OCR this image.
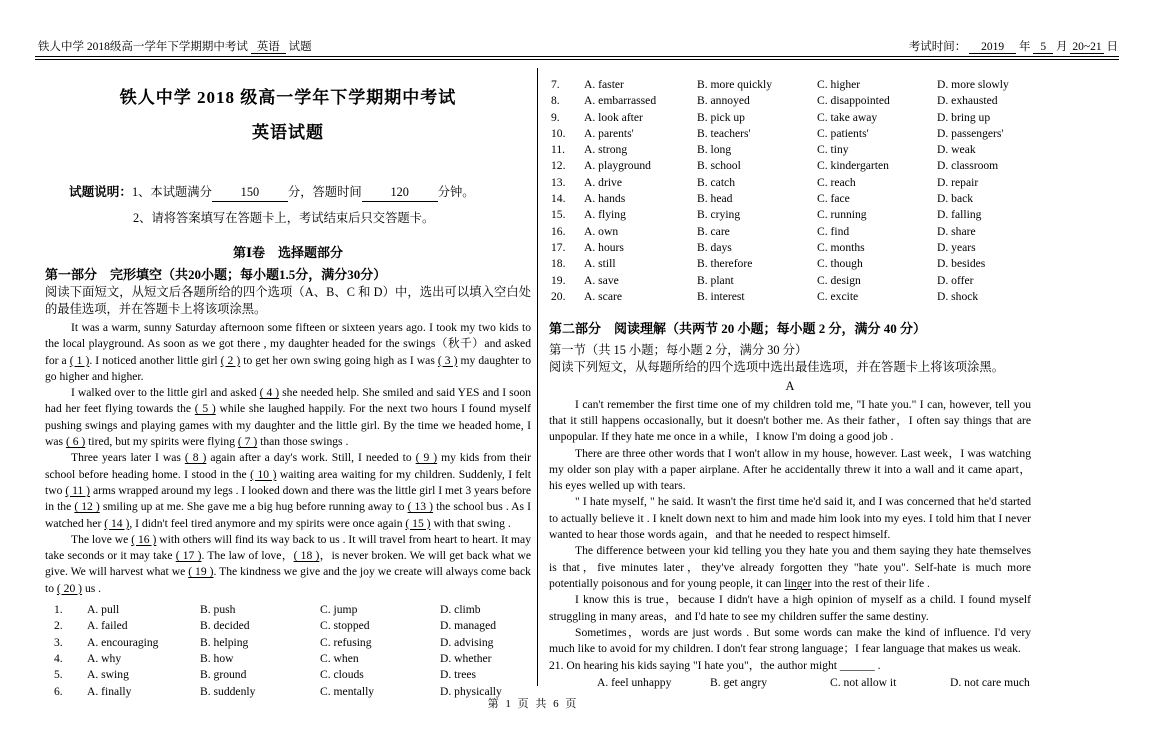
铁人中学 2018级高一学年下学期期中考试 英语 试题	考试时间： 2019 年 5 月 20~21 日
铁人中学 2018 级高一学年下学期期中考试
英语试题
试题说明：1、本试题满分 150 分，答题时间 120 分钟。
2、请将答案填写在答题卡上，考试结束后只交答题卡。
第Ⅰ卷　选择题部分
第一部分　完形填空（共20小题；每小题1.5分，满分30分）
阅读下面短文，从短文后各题所给的四个选项（A、B、C 和 D）中，选出可以填入空白处的最佳选项，并在答题卡上将该项涂黑。

It was a warm, sunny Saturday afternoon some fifteen or sixteen years ago. I took my two kids to the local playground. As soon as we got there , my daughter headed for the swings（秋千）and asked for a ( 1 ). I noticed another little girl ( 2 ) to get her own swing going high as I was ( 3 ) my daughter to go higher and higher.

I walked over to the little girl and asked ( 4 ) she needed help. She smiled and said YES and I soon had her feet flying towards the ( 5 ) while she laughed happily. For the next two hours I found myself pushing swings and playing games with my daughter and the little girl. By the time we headed home, I was ( 6 ) tired, but my spirits were flying ( 7 ) than those swings .

Three years later I was ( 8 ) again after a day's work. Still, I needed to ( 9 ) my kids from their school before heading home. I stood in the ( 10 ) waiting area waiting for my children. Suddenly, I felt two ( 11 ) arms wrapped around my legs . I looked down and there was the little girl I met 3 years before in the ( 12 ) smiling up at me. She gave me a big hug before running away to ( 13 ) the school bus . As I watched her ( 14 ), I didn't feel tired anymore and my spirits were once again ( 15 ) with that swing .

The love we ( 16 ) with others will find its way back to us . It will travel from heart to heart. It may take seconds or it may take ( 17 ). The law of love，( 18 )，is never broken. We will get back what we give. We will harvest what we ( 19 ). The kindness we give and the joy we create will always come back to ( 20 ) us .

1.	A. pull	B. push	C. jump	D. climb
2.	A. failed	B. decided	C. stopped	D. managed
3.	A. encouraging	B. helping	C. refusing	D. advising
4.	A. why	B. how	C. when	D. whether
5.	A. swing	B. ground	C. clouds	D. trees
6.	A. finally	B. suddenly	C. mentally	D. physically
7.	A. faster	B. more quickly	C. higher	D. more slowly
8.	A. embarrassed	B. annoyed	C. disappointed	D. exhausted
9.	A. look after	B. pick up	C. take away	D. bring up
10.	A. parents'	B. teachers'	C. patients'	D. passengers'
11.	A. strong	B. long	C. tiny	D. weak
12.	A. playground	B. school	C. kindergarten	D. classroom
13.	A. drive	B. catch	C. reach	D. repair
14.	A. hands	B. head	C. face	D. back
15.	A. flying	B. crying	C. running	D. falling
16.	A. own	B. care	C. find	D. share
17.	A. hours	B. days	C. months	D. years
18.	A. still	B. therefore	C. though	D. besides
19.	A. save	B. plant	C. design	D. offer
20.	A. scare	B. interest	C. excite	D. shock
第二部分　阅读理解（共两节 20 小题；每小题 2 分，满分 40 分）
第一节（共 15 小题；每小题 2 分，满分 30 分）
阅读下列短文，从每题所给的四个选项中选出最佳选项，并在答题卡上将该项涂黑。
A

I can't remember the first time one of my children told me, "I hate you." I can, however, tell you that it still happens occasionally, but it doesn't bother me. As their father，I often say things that are unpopular. If they hate me once in a while，I know I'm doing a good job .

There are three other words that I won't allow in my house, however. Last week，I was watching my older son play with a paper airplane. After he accidentally threw it into a wall and it came apart，his eyes welled up with tears.

" I hate myself, " he said. It wasn't the first time he'd said it, and I was concerned that he'd started to actually believe it . I knelt down next to him and made him look into my eyes. I told him that I never wanted to hear those words again，and that he needed to respect himself.

The difference between your kid telling you they hate you and them saying they hate themselves is that，five minutes later，they've already forgotten they "hate you". Self-hate is much more potentially poisonous and for young people, it can linger into the rest of their life .

I know this is true，because I didn't have a high opinion of myself as a child. I found myself struggling in many areas，and I'd hate to see my children suffer the same destiny.

Sometimes，words are just words . But some words can make the kind of influence. I'd very much like to avoid for my children. I don't fear strong language；I fear language that makes us weak.

21. On hearing his kids saying "I hate you"，the author might ______ .
A. feel unhappy	B. get angry	C. not allow it	D. not care much
第 1 页 共 6 页
